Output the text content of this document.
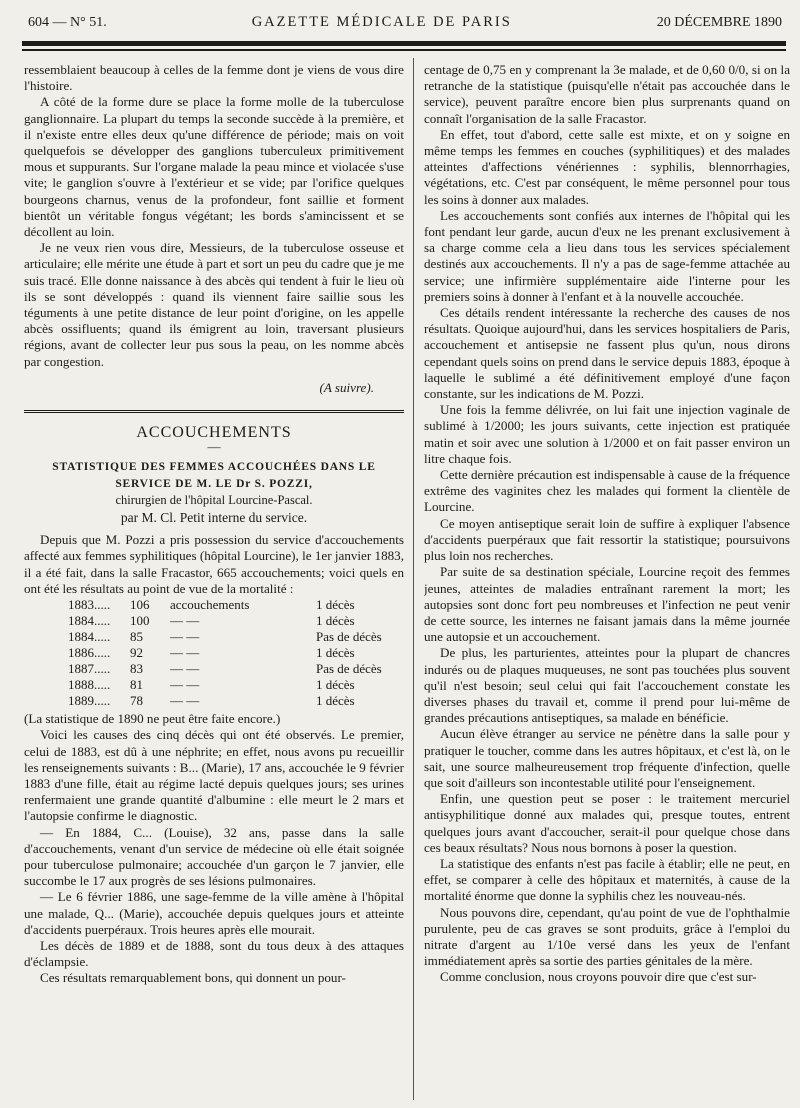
604 — N° 51.	GAZETTE MÉDICALE DE PARIS	20 DÉCEMBRE 1890

ressemblaient beaucoup à celles de la femme dont je viens de vous dire l'histoire.

A côté de la forme dure se place la forme molle de la tuberculose ganglionnaire. La plupart du temps la seconde succède à la première, et il n'existe entre elles deux qu'une différence de période; mais on voit quelquefois se développer des ganglions tuberculeux primitivement mous et suppurants. Sur l'organe malade la peau mince et violacée s'use vite; le ganglion s'ouvre à l'extérieur et se vide; par l'orifice quelques bourgeons charnus, venus de la profondeur, font saillie et forment bientôt un véritable fongus végétant; les bords s'amincissent et se décollent au loin.

Je ne veux rien vous dire, Messieurs, de la tuberculose osseuse et articulaire; elle mérite une étude à part et sort un peu du cadre que je me suis tracé. Elle donne naissance à des abcès qui tendent à fuir le lieu où ils se sont développés : quand ils viennent faire saillie sous les téguments à une petite distance de leur point d'origine, on les appelle abcès ossifluents; quand ils émigrent au loin, traversant plusieurs régions, avant de collecter leur pus sous la peau, on les nomme abcès par congestion.

(A suivre).
ACCOUCHEMENTS
—
STATISTIQUE DES FEMMES ACCOUCHÉES DANS LE SERVICE DE M. LE Dr S. POZZI,
chirurgien de l'hôpital Lourcine-Pascal.
par M. Cl. Petit interne du service.

Depuis que M. Pozzi a pris possession du service d'accouchements affecté aux femmes syphilitiques (hôpital Lourcine), le 1er janvier 1883, il a été fait, dans la salle Fracastor, 665 accouchements; voici quels en ont été les résultats au point de vue de la mortalité :

1883.....	106	accouchements	1 décès
1884.....	100	— —	1 décès
1884.....	85	— —	Pas de décès
1886.....	92	— —	1 décès
1887.....	83	— —	Pas de décès
1888.....	81	— —	1 décès
1889.....	78	— —	1 décès

(La statistique de 1890 ne peut être faite encore.)

Voici les causes des cinq décès qui ont été observés. Le premier, celui de 1883, est dû à une néphrite; en effet, nous avons pu recueillir les renseignements suivants : B... (Marie), 17 ans, accouchée le 9 février 1883 d'une fille, était au régime lacté depuis quelques jours; ses urines renfermaient une grande quantité d'albumine : elle meurt le 2 mars et l'autopsie confirme le diagnostic.

— En 1884, C... (Louise), 32 ans, passe dans la salle d'accouchements, venant d'un service de médecine où elle était soignée pour tuberculose pulmonaire; accouchée d'un garçon le 7 janvier, elle succombe le 17 aux progrès de ses lésions pulmonaires.

— Le 6 février 1886, une sage-femme de la ville amène à l'hôpital une malade, Q... (Marie), accouchée depuis quelques jours et atteinte d'accidents puerpéraux. Trois heures après elle mourait.

Les décès de 1889 et de 1888, sont du tous deux à des attaques d'éclampsie.

Ces résultats remarquablement bons, qui donnent un pour-

centage de 0,75 en y comprenant la 3e malade, et de 0,60 0/0, si on la retranche de la statistique (puisqu'elle n'était pas accouchée dans le service), peuvent paraître encore bien plus surprenants quand on connaît l'organisation de la salle Fracastor.

En effet, tout d'abord, cette salle est mixte, et on y soigne en même temps les femmes en couches (syphilitiques) et des malades atteintes d'affections vénériennes : syphilis, blennorrhagies, végétations, etc. C'est par conséquent, le même personnel pour tous les soins à donner aux malades.

Les accouchements sont confiés aux internes de l'hôpital qui les font pendant leur garde, aucun d'eux ne les prenant exclusivement à sa charge comme cela a lieu dans tous les services spécialement destinés aux accouchements. Il n'y a pas de sage-femme attachée au service; une infirmière supplémentaire aide l'interne pour les premiers soins à donner à l'enfant et à la nouvelle accouchée.

Ces détails rendent intéressante la recherche des causes de nos résultats. Quoique aujourd'hui, dans les services hospitaliers de Paris, accouchement et antisepsie ne fassent plus qu'un, nous dirons cependant quels soins on prend dans le service depuis 1883, époque à laquelle le sublimé a été définitivement employé d'une façon constante, sur les indications de M. Pozzi.

Une fois la femme délivrée, on lui fait une injection vaginale de sublimé à 1/2000; les jours suivants, cette injection est pratiquée matin et soir avec une solution à 1/2000 et on fait passer environ un litre chaque fois.

Cette dernière précaution est indispensable à cause de la fréquence extrême des vaginites chez les malades qui forment la clientèle de Lourcine.

Ce moyen antiseptique serait loin de suffire à expliquer l'absence d'accidents puerpéraux que fait ressortir la statistique; poursuivons plus loin nos recherches.

Par suite de sa destination spéciale, Lourcine reçoit des femmes jeunes, atteintes de maladies entraînant rarement la mort; les autopsies sont donc fort peu nombreuses et l'infection ne peut venir de cette source, les internes ne faisant jamais dans la même journée une autopsie et un accouchement.

De plus, les parturientes, atteintes pour la plupart de chancres indurés ou de plaques muqueuses, ne sont pas touchées plus souvent qu'il n'est besoin; seul celui qui fait l'accouchement constate les diverses phases du travail et, comme il prend pour lui-même de grandes précautions antiseptiques, sa malade en bénéficie.

Aucun élève étranger au service ne pénètre dans la salle pour y pratiquer le toucher, comme dans les autres hôpitaux, et c'est là, on le sait, une source malheureusement trop fréquente d'infection, quelle que soit d'ailleurs son incontestable utilité pour l'enseignement.

Enfin, une question peut se poser : le traitement mercuriel antisyphilitique donné aux malades qui, presque toutes, entrent quelques jours avant d'accoucher, serait-il pour quelque chose dans ces beaux résultats? Nous nous bornons à poser la question.

La statistique des enfants n'est pas facile à établir; elle ne peut, en effet, se comparer à celle des hôpitaux et maternités, à cause de la mortalité énorme que donne la syphilis chez les nouveau-nés.

Nous pouvons dire, cependant, qu'au point de vue de l'ophthalmie purulente, peu de cas graves se sont produits, grâce à l'emploi du nitrate d'argent au 1/10e versé dans les yeux de l'enfant immédiatement après sa sortie des parties génitales de la mère.

Comme conclusion, nous croyons pouvoir dire que c'est sur-
